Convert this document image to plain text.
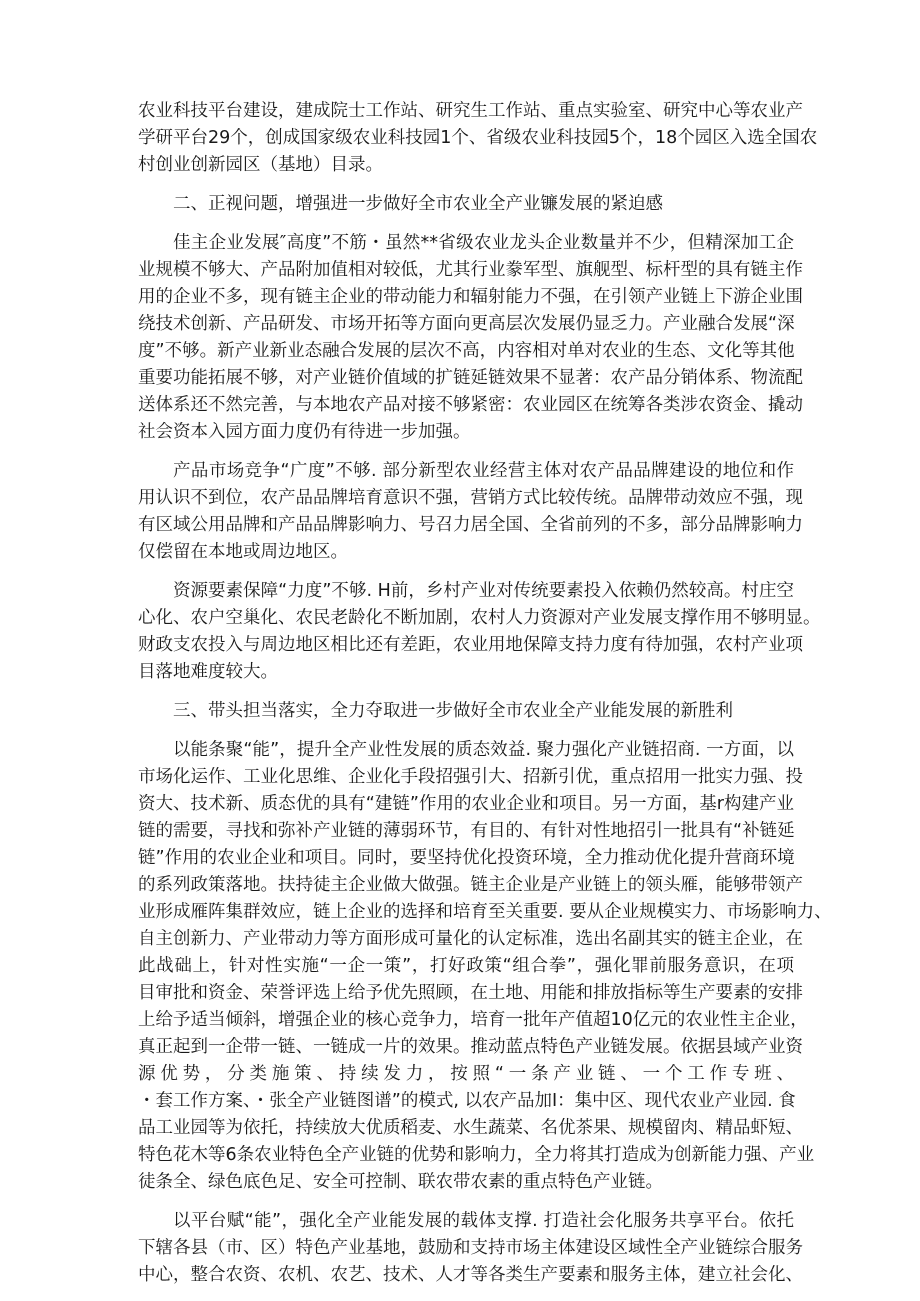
农业科技平台建设，建成院士工作站、研究生工作站、重点实验室、研究中心等农业产
学研平台29个，创成国家级农业科技园1个、省级农业科技园5个，18个园区入选全国农
村创业创新园区（基地）目录。
二、正视问题，增强进一步做好全市农业全产业镰发展的紧迫感
佳主企业发展″高度”不筋・虽然**省级农业龙头企业数量并不少，但精深加工企
业规模不够大、产品附加值相对较低，尤其行业豢军型、旗舰型、标杆型的具有链主作
用的企业不多，现有链主企业的带动能力和辐射能力不强，在引领产业链上下游企业围
绕技术创新、产品研发、市场开拓等方面向更高层次发展仍显乏力。产业融合发展“深
度”不够。新产业新业态融合发展的层次不高，内容相对单对农业的生态、文化等其他
重要功能拓展不够，对产业链价值域的扩链延链效果不显著：农产品分销体系、物流配
送体系还不然完善，与本地农产品对接不够紧密：农业园区在统筹各类涉农资金、撬动
社会资本入园方面力度仍有待进一步加强。
产品市场竞争“广度”不够. 部分新型农业经营主体对农产品品牌建设的地位和作
用认识不到位，农产品品牌培育意识不强，营销方式比较传统。品牌带动效应不强，现
有区域公用品牌和产品品牌影响力、号召力居全国、全省前列的不多，部分品牌影响力
仅偿留在本地或周边地区。
资源要素保障“力度”不够. H前，乡村产业对传统要素投入依赖仍然较高。村庄空
心化、农户空巢化、农民老龄化不断加剧，农村人力资源对产业发展支撑作用不够明显。
财政支农投入与周边地区相比还有差距，农业用地保障支持力度有待加强，农村产业项
目落地难度较大。
三、带头担当落实，全力夺取进一步做好全市农业全产业能发展的新胜利
以能条聚“能”，提升全产业性发展的质态效益. 聚力强化产业链招商. 一方面，以
市场化运作、工业化思维、企业化手段招强引大、招新引优，重点招用一批实力强、投
资大、技术新、质态优的具有“建链”作用的农业企业和项目。另一方面，基r构建产业
链的需要，寻找和弥补产业链的薄弱环节，有目的、有针对性地招引一批具有“补链延
链”作用的农业企业和项目。同时，要坚持优化投资环境，全力推动优化提升营商环境
的系列政策落地。扶持徒主企业做大做强。链主企业是产业链上的领头雁，能够带领产
业形成雁阵集群效应，链上企业的选择和培育至关重要. 要从企业规模实力、市场影响力、
自主创新力、产业带动力等方面形成可量化的认定标准，选出名副其实的链主企业，在
此战础上，针对性实施“一企一策”，打好政策“组合拳”，强化罪前服务意识，在项
目审批和资金、荣誉评选上给予优先照顾，在土地、用能和排放指标等生产要素的安排
上给予适当倾斜，增强企业的核心竞争力，培育一批年产值超10亿元的农业性主企业，
真正起到一企带一链、一链成一片的效果。推动蓝点特色产业链发展。依据县域产业资
源优势，分类施策、持续发力，按照“一条产业链、一个工作专班、
・套工作方案、・张全产业链图谱”的模式, 以农产品加I：集中区、现代农业产业园. 食
品工业园等为依托，持续放大优质稻麦、水生蔬菜、名优茶果、规模留肉、精品虾短、
特色花木等6条农业特色全产业链的优势和影响力，全力将其打造成为创新能力强、产业
徒条全、绿色底色足、安全可控制、联农带农素的重点特色产业链。
以平台赋“能”，强化全产业能发展的载体支撑. 打造社会化服务共享平台。依托
下辖各县（市、区）特色产业基地，鼓励和支持市场主体建设区域性全产业链综合服务
中心，整合农资、农机、农艺、技术、人才等各类生产要素和服务主体，建立社会化、
